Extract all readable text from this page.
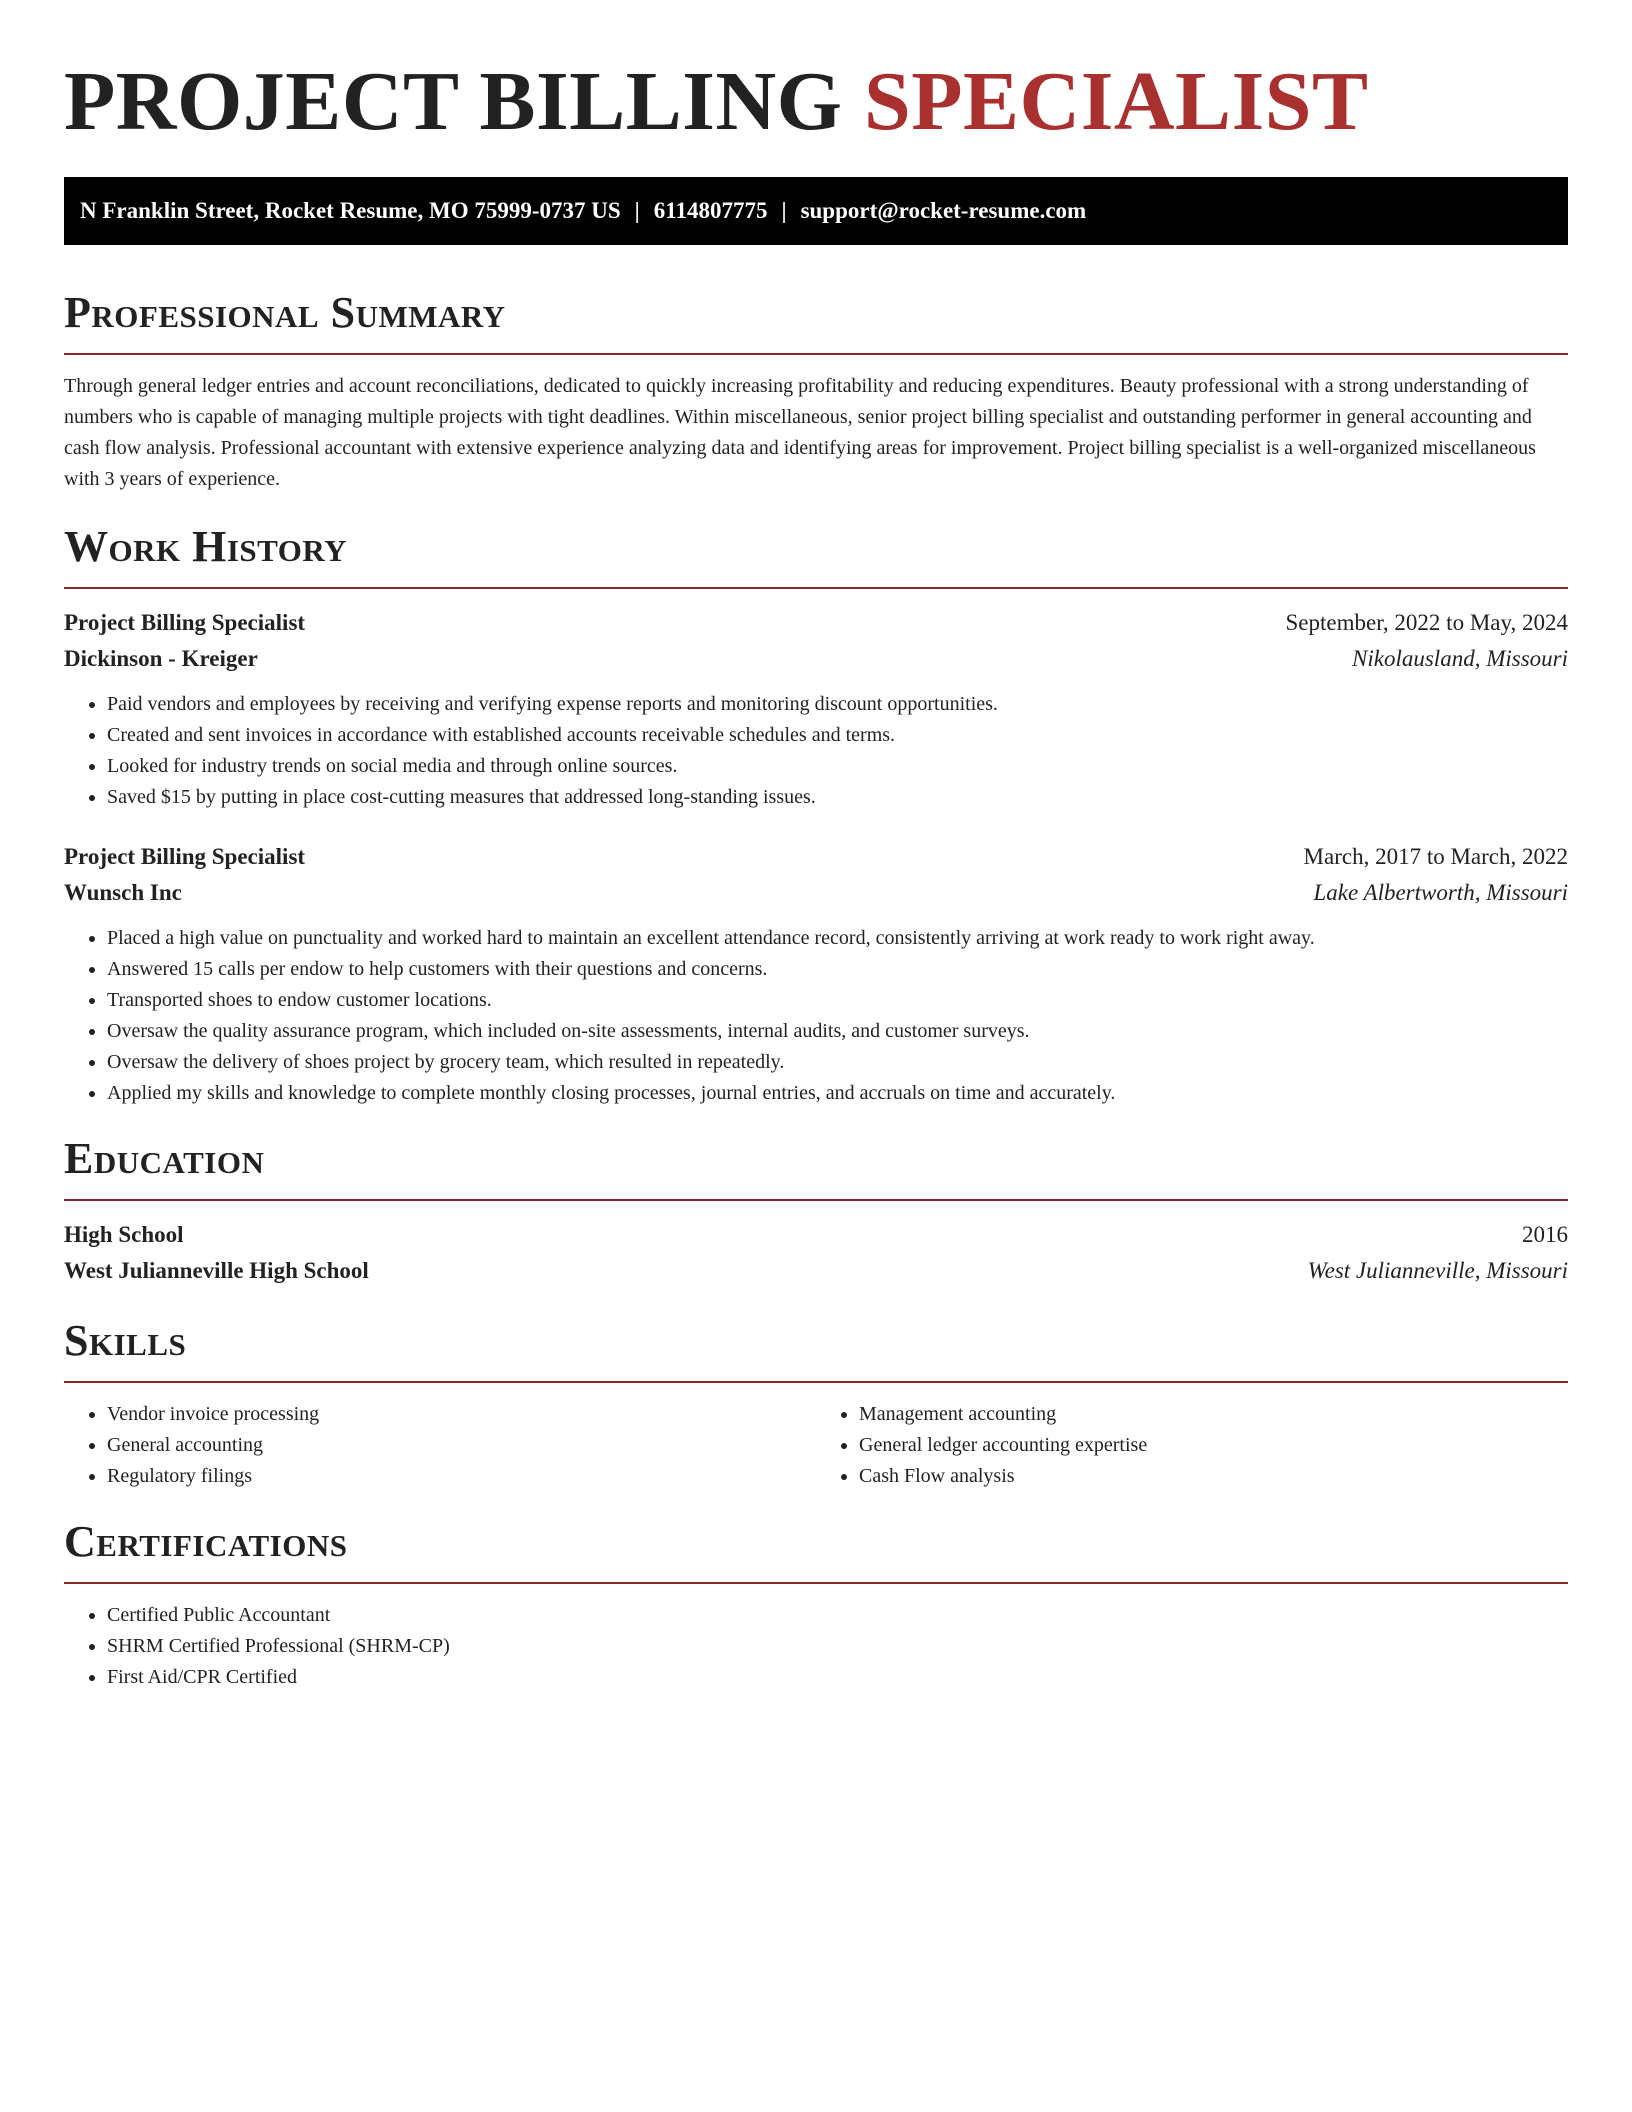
PROJECT BILLING SPECIALIST
N Franklin Street, Rocket Resume, MO 75999-0737 US | 6114807775 | support@rocket-resume.com
Professional Summary

Through general ledger entries and account reconciliations, dedicated to quickly increasing profitability and reducing expenditures. Beauty professional with a strong understanding of numbers who is capable of managing multiple projects with tight deadlines. Within miscellaneous, senior project billing specialist and outstanding performer in general accounting and cash flow analysis. Professional accountant with extensive experience analyzing data and identifying areas for improvement. Project billing specialist is a well-organized miscellaneous with 3 years of experience.

Work History
Project Billing Specialist	September, 2022 to May, 2024
Dickinson - Kreiger	Nikolausland, Missouri
• Paid vendors and employees by receiving and verifying expense reports and monitoring discount opportunities.
• Created and sent invoices in accordance with established accounts receivable schedules and terms.
• Looked for industry trends on social media and through online sources.
• Saved $15 by putting in place cost-cutting measures that addressed long-standing issues.
Project Billing Specialist	March, 2017 to March, 2022
Wunsch Inc	Lake Albertworth, Missouri
• Placed a high value on punctuality and worked hard to maintain an excellent attendance record, consistently arriving at work ready to work right away.
• Answered 15 calls per endow to help customers with their questions and concerns.
• Transported shoes to endow customer locations.
• Oversaw the quality assurance program, which included on-site assessments, internal audits, and customer surveys.
• Oversaw the delivery of shoes project by grocery team, which resulted in repeatedly.
• Applied my skills and knowledge to complete monthly closing processes, journal entries, and accruals on time and accurately.
Education
High School	2016
West Julianneville High School	West Julianneville, Missouri
Skills
• Vendor invoice processing
• General accounting
• Regulatory filings
• Management accounting
• General ledger accounting expertise
• Cash Flow analysis
Certifications
• Certified Public Accountant
• SHRM Certified Professional (SHRM-CP)
• First Aid/CPR Certified
